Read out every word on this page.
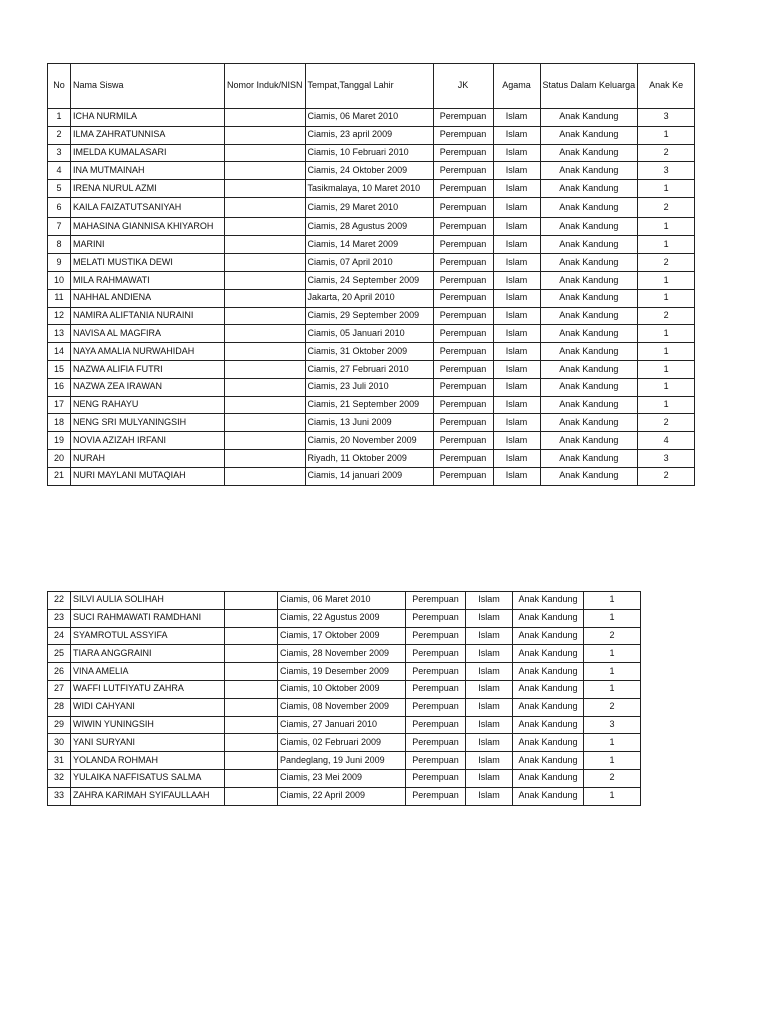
No	Nama Siswa	Nomor Induk/NISN	Tempat,Tanggal Lahir	JK	Agama	Status Dalam Keluarga	Anak Ke
1	ICHA NURMILA		Ciamis, 06 Maret 2010	Perempuan	Islam	Anak Kandung	3
2	ILMA ZAHRATUNNISA		Ciamis, 23 april 2009	Perempuan	Islam	Anak Kandung	1
3	IMELDA KUMALASARI		Ciamis, 10 Februari 2010	Perempuan	Islam	Anak Kandung	2
4	INA MUTMAINAH		Ciamis, 24 Oktober 2009	Perempuan	Islam	Anak Kandung	3
5	IRENA NURUL AZMI		Tasikmalaya, 10 Maret 2010	Perempuan	Islam	Anak Kandung	1
6	KAILA FAIZATUTSANIYAH		Ciamis, 29 Maret 2010	Perempuan	Islam	Anak Kandung	2
7	MAHASINA GIANNISA KHIYAROH		Ciamis, 28 Agustus 2009	Perempuan	Islam	Anak Kandung	1
8	MARINI		Ciamis, 14 Maret 2009	Perempuan	Islam	Anak Kandung	1
9	MELATI MUSTIKA DEWI		Ciamis, 07 April 2010	Perempuan	Islam	Anak Kandung	2
10	MILA RAHMAWATI		Ciamis, 24 September 2009	Perempuan	Islam	Anak Kandung	1
11	NAHHAL ANDIENA		Jakarta, 20 April 2010	Perempuan	Islam	Anak Kandung	1
12	NAMIRA ALIFTANIA NURAINI		Ciamis, 29 September 2009	Perempuan	Islam	Anak Kandung	2
13	NAVISA AL MAGFIRA		Ciamis, 05 Januari 2010	Perempuan	Islam	Anak Kandung	1
14	NAYA AMALIA NURWAHIDAH		Ciamis, 31 Oktober 2009	Perempuan	Islam	Anak Kandung	1
15	NAZWA ALIFIA FUTRI		Ciamis, 27 Februari 2010	Perempuan	Islam	Anak Kandung	1
16	NAZWA ZEA IRAWAN		Ciamis, 23 Juli 2010	Perempuan	Islam	Anak Kandung	1
17	NENG RAHAYU		Ciamis, 21 September 2009	Perempuan	Islam	Anak Kandung	1
18	NENG SRI MULYANINGSIH		Ciamis, 13 Juni 2009	Perempuan	Islam	Anak Kandung	2
19	NOVIA AZIZAH IRFANI		Ciamis, 20 November 2009	Perempuan	Islam	Anak Kandung	4
20	NURAH		Riyadh, 11 Oktober 2009	Perempuan	Islam	Anak Kandung	3
21	NURI MAYLANI MUTAQIAH		Ciamis, 14 januari 2009	Perempuan	Islam	Anak Kandung	2
22	SILVI AULIA SOLIHAH		Ciamis, 06 Maret 2010	Perempuan	Islam	Anak Kandung	1
23	SUCI RAHMAWATI RAMDHANI		Ciamis, 22 Agustus 2009	Perempuan	Islam	Anak Kandung	1
24	SYAMROTUL ASSYIFA		Ciamis, 17 Oktober 2009	Perempuan	Islam	Anak Kandung	2
25	TIARA ANGGRAINI		Ciamis, 28 November 2009	Perempuan	Islam	Anak Kandung	1
26	VINA AMELIA		Ciamis, 19 Desember 2009	Perempuan	Islam	Anak Kandung	1
27	WAFFI LUTFIYATU ZAHRA		Ciamis, 10 Oktober 2009	Perempuan	Islam	Anak Kandung	1
28	WIDI CAHYANI		Ciamis, 08 November 2009	Perempuan	Islam	Anak Kandung	2
29	WIWIN YUNINGSIH		Ciamis, 27 Januari 2010	Perempuan	Islam	Anak Kandung	3
30	YANI SURYANI		Ciamis, 02 Februari 2009	Perempuan	Islam	Anak Kandung	1
31	YOLANDA ROHMAH		Pandeglang, 19 Juni 2009	Perempuan	Islam	Anak Kandung	1
32	YULAIKA NAFFISATUS SALMA		Ciamis, 23 Mei 2009	Perempuan	Islam	Anak Kandung	2
33	ZAHRA KARIMAH SYIFAULLAAH		Ciamis, 22 April 2009	Perempuan	Islam	Anak Kandung	1
